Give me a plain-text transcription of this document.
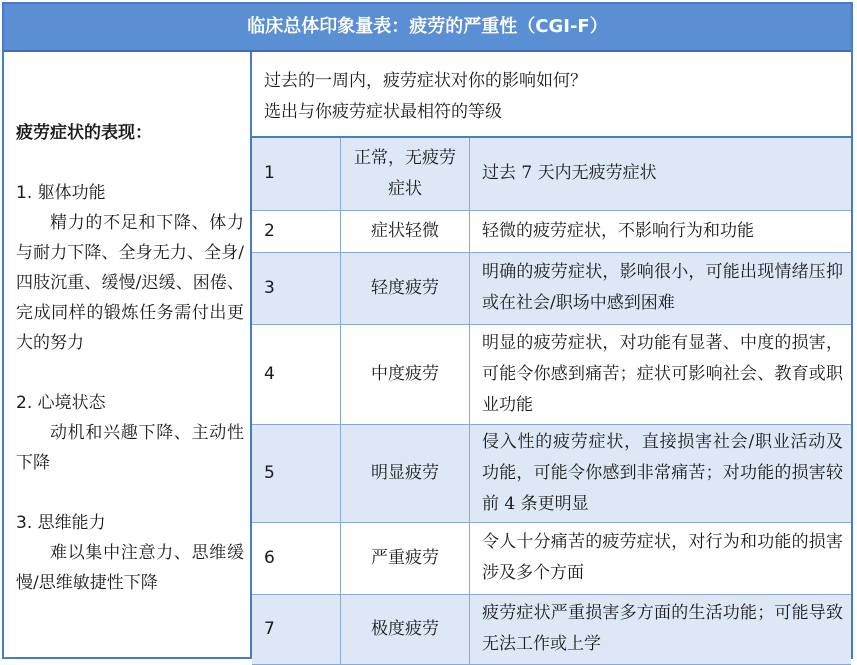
临床总体印象量表：疲劳的严重性（CGI-F）
疲劳症状的表现：
1. 躯体功能
精力的不足和下降、体力与耐力下降、全身无力、全身/四肢沉重、缓慢/迟缓、困倦、完成同样的锻炼任务需付出更大的努力
2. 心境状态
动机和兴趣下降、主动性下降
3. 思维能力
难以集中注意力、思维缓慢/思维敏捷性下降
过去的一周内，疲劳症状对你的影响如何？
选出与你疲劳症状最相符的等级
1	正常，无疲劳症状	过去 7 天内无疲劳症状
2	症状轻微	轻微的疲劳症状，不影响行为和功能
3	轻度疲劳	明确的疲劳症状，影响很小，可能出现情绪压抑或在社会/职场中感到困难
4	中度疲劳	明显的疲劳症状，对功能有显著、中度的损害，可能令你感到痛苦；症状可影响社会、教育或职业功能
5	明显疲劳	侵入性的疲劳症状，直接损害社会/职业活动及功能，可能令你感到非常痛苦；对功能的损害较前 4 条更明显
6	严重疲劳	令人十分痛苦的疲劳症状，对行为和功能的损害涉及多个方面
7	极度疲劳	疲劳症状严重损害多方面的生活功能；可能导致无法工作或上学
